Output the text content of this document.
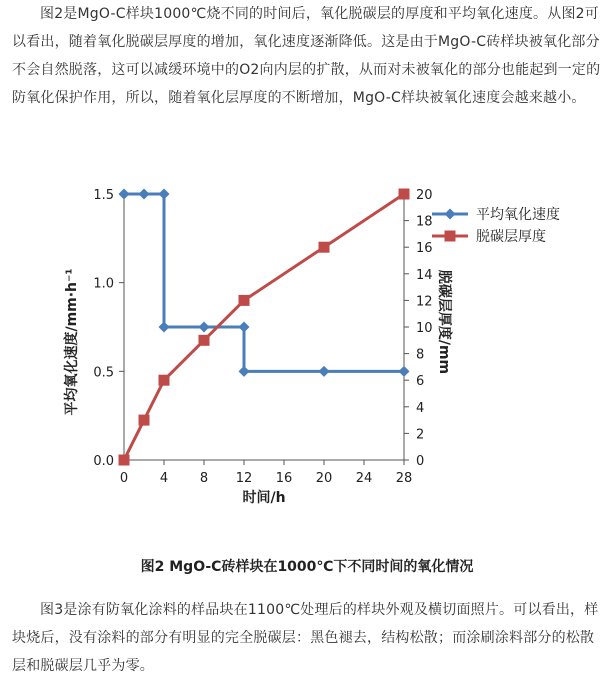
图2是MgO-C样块1000℃烧不同的时间后，氧化脱碳层的厚度和平均氧化速度。从图2可以看出，随着氧化脱碳层厚度的增加，氧化速度逐渐降低。这是由于MgO-C砖样块被氧化部分不会自然脱落，这可以减缓环境中的O2向内层的扩散，从而对未被氧化的部分也能起到一定的防氧化保护作用，所以，随着氧化层厚度的不断增加，MgO-C样块被氧化速度会越来越小。

0 4 8 12 16 20 24 28
0.0
0.5
1.0
1.5
0
2
4
6
8
10
12
14
16
18
20
平均氧化速度
脱碳层厚度
时间/h
平均氧化速度/mm·h⁻¹	脱碳层厚度/mm
图2 MgO-C砖样块在1000℃下不同时间的氧化情况

图3是涂有防氧化涂料的样品块在1100℃处理后的样块外观及横切面照片。可以看出，样块烧后，没有涂料的部分有明显的完全脱碳层：黑色褪去，结构松散；而涂刷涂料部分的松散层和脱碳层几乎为零。
